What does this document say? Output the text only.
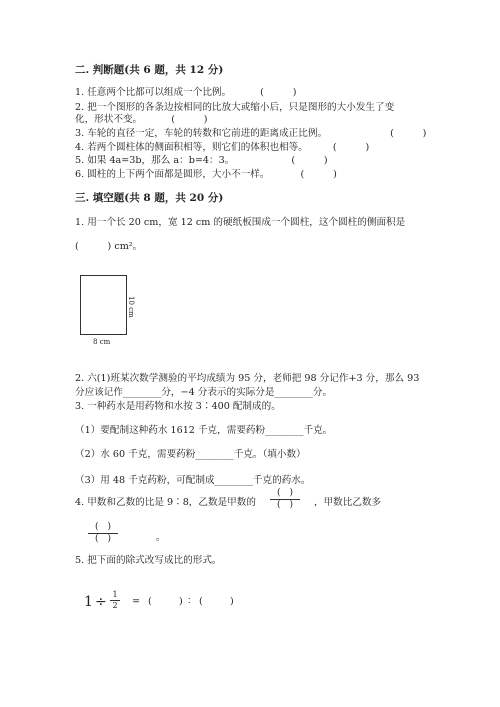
二. 判断题(共 6 题，共 12 分)
1. 任意两个比都可以组成一个比例。	(　　　)
2. 把一个图形的各条边按相同的比放大或缩小后，只是图形的大小发生了变
化，形状不变。	(　　　)
3. 车轮的直径一定，车轮的转数和它前进的距离成正比例。	(　　　)
4. 若两个圆柱体的侧面积相等，则它们的体积也相等。	(　　　)
5. 如果 4a=3b，那么 a：b=4：3。	(　　　)
6. 圆柱的上下两个面都是圆形，大小不一样。	(　　　)
三. 填空题(共 8 题，共 20 分)
1. 用一个长 20 cm，宽 12 cm 的硬纸板围成一个圆柱，这个圆柱的侧面积是
(　　　) cm²。
10 cm
8 cm
2. 六(1)班某次数学测验的平均成绩为 95 分，老师把 98 分记作+3 分，那么 93
分应该记作________分，−4 分表示的实际分是________分。
3. 一种药水是用药物和水按 3∶400 配制成的。
（1）要配制这种药水 1612 千克，需要药粉________千克。
（2）水 60 千克，需要药粉________千克。（填小数）
（3）用 48 千克药粉，可配制成________千克的药水。
4. 甲数和乙数的比是 9∶8，乙数是甲数的
(　)
(　)	，甲数比乙数多
(　)
(　)	。
5. 把下面的除式改写成比的形式。
1 ÷ 1
2 = (	) ∶ (	)
